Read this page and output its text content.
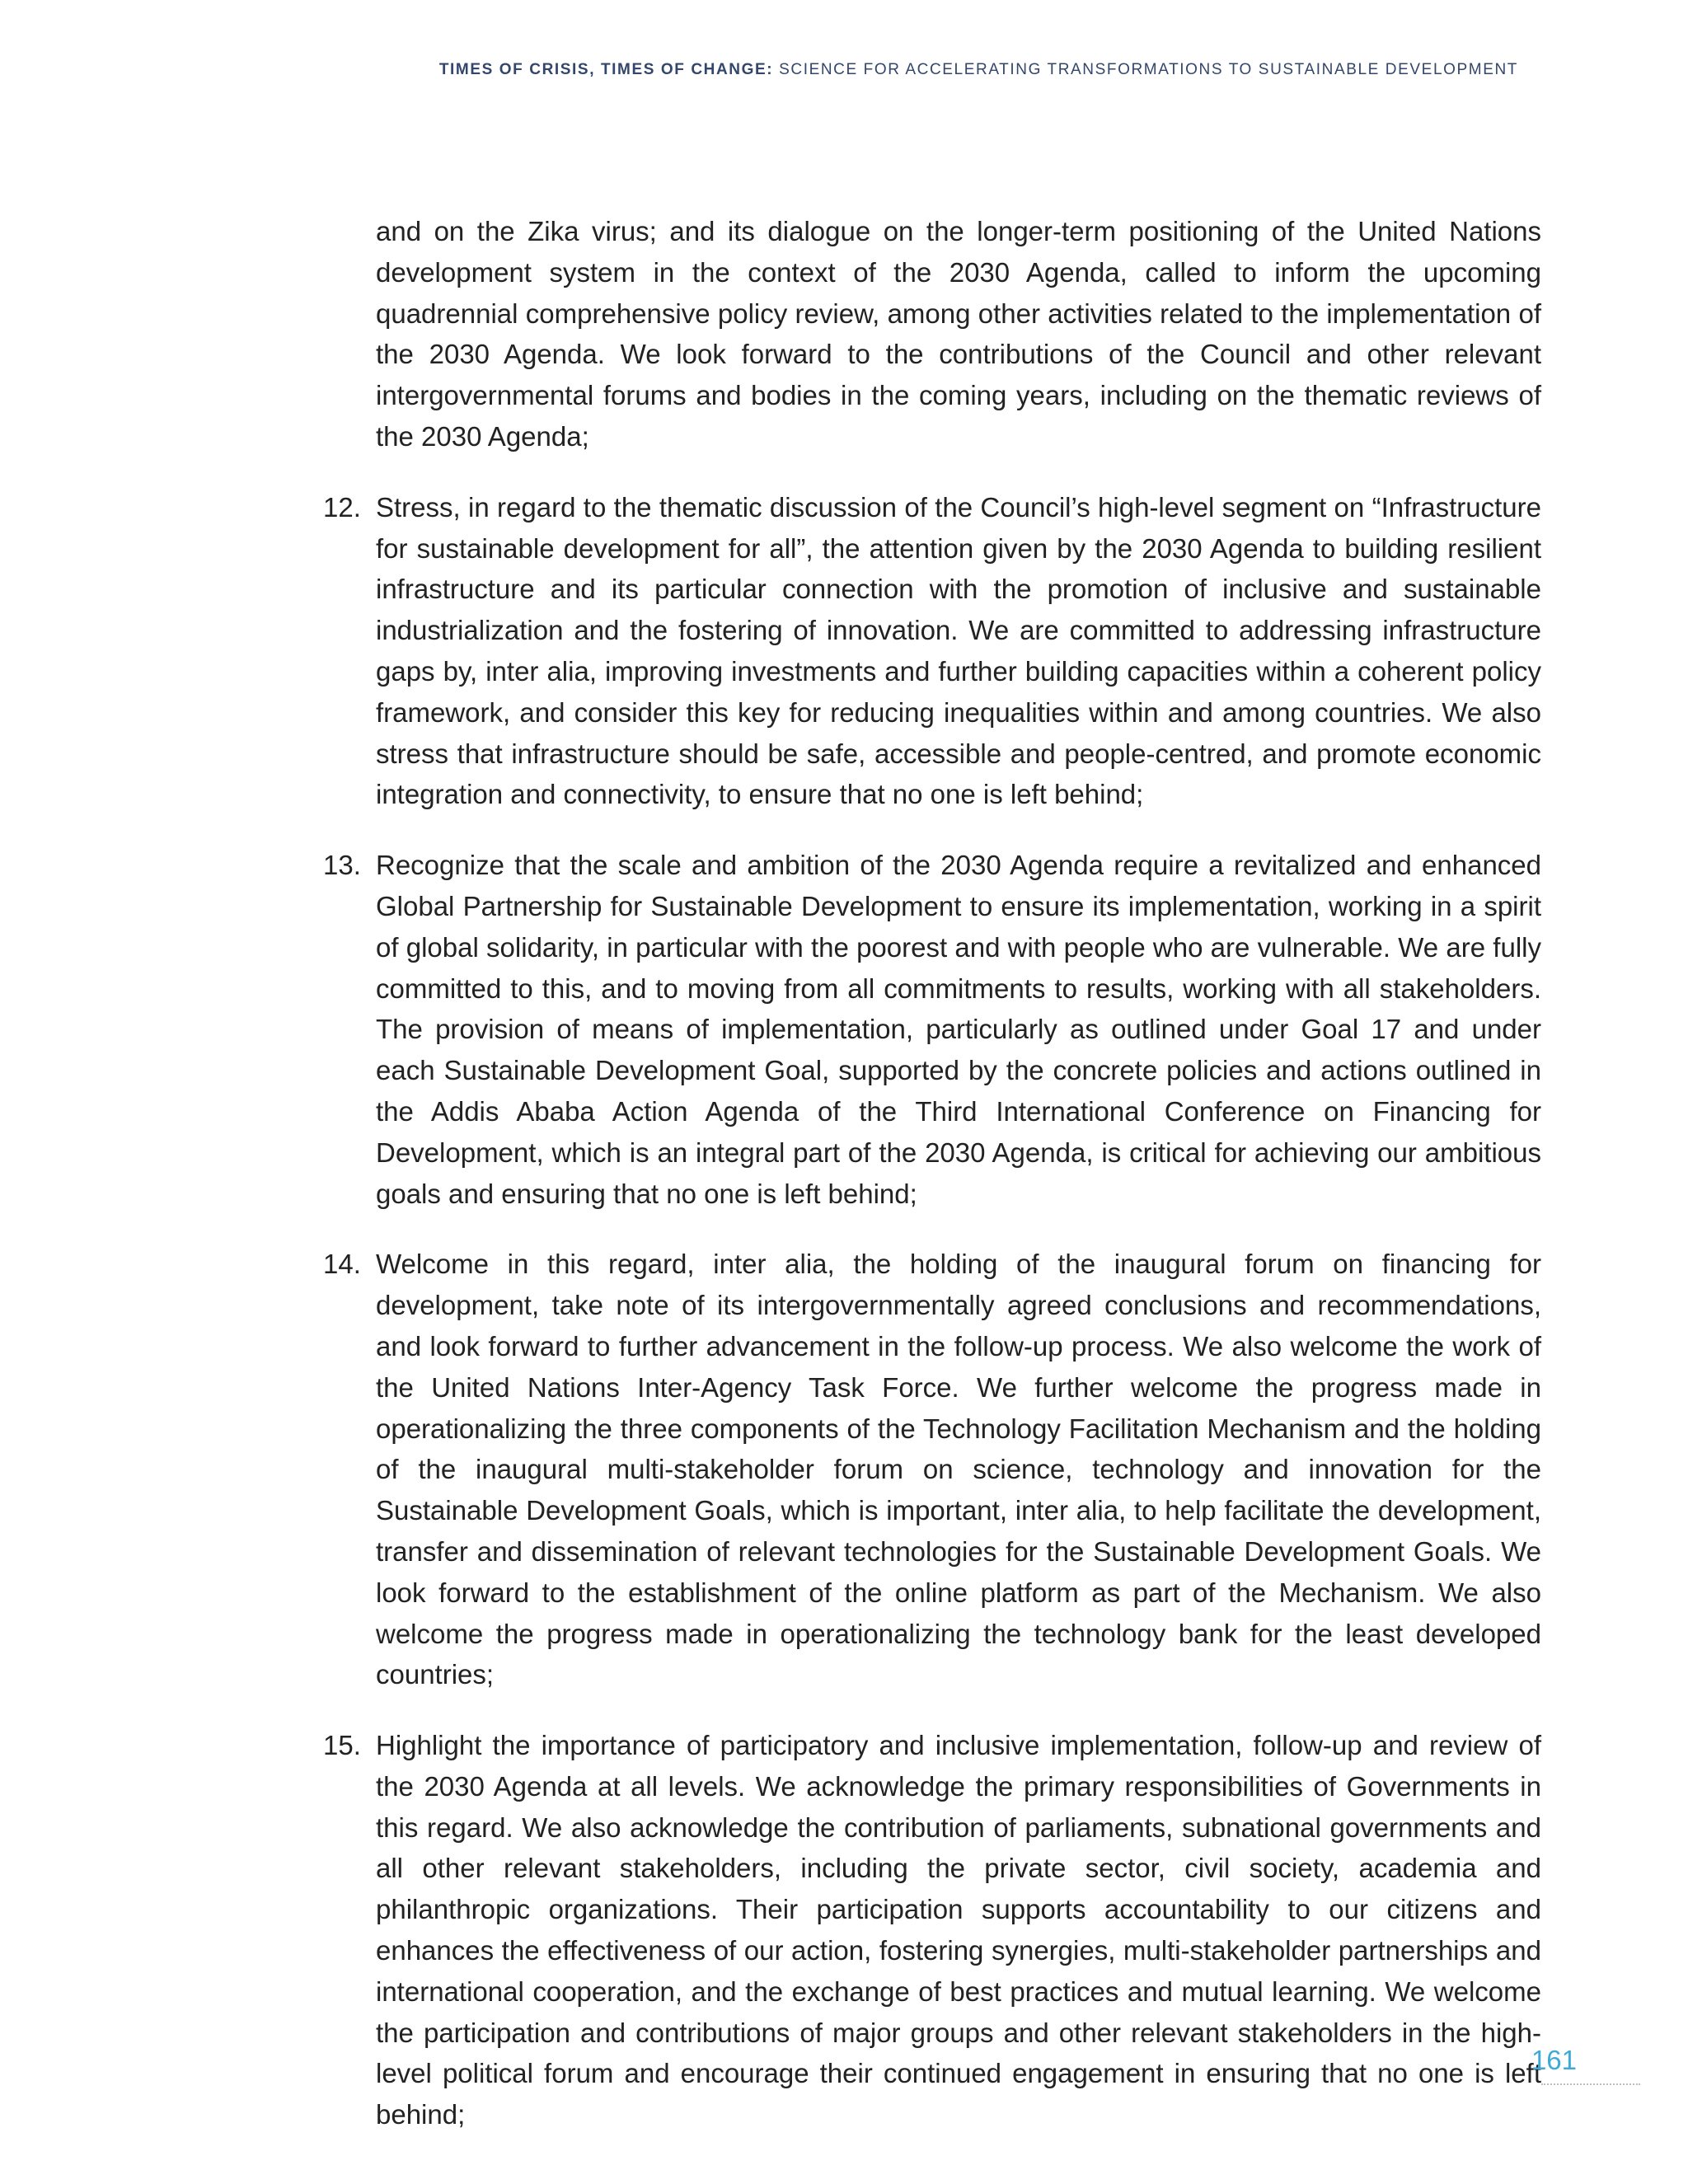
TIMES OF CRISIS, TIMES OF CHANGE: SCIENCE FOR ACCELERATING TRANSFORMATIONS TO SUSTAINABLE DEVELOPMENT
and on the Zika virus; and its dialogue on the longer-term positioning of the United Nations development system in the context of the 2030 Agenda, called to inform the upcoming quadrennial comprehensive policy review, among other activities related to the implementation of the 2030 Agenda. We look forward to the contributions of the Council and other relevant intergovernmental forums and bodies in the coming years, including on the thematic reviews of the 2030 Agenda;
12. Stress, in regard to the thematic discussion of the Council’s high-level segment on “Infrastructure for sustainable development for all”, the attention given by the 2030 Agenda to building resilient infrastructure and its particular connection with the promotion of inclusive and sustainable industrialization and the fostering of innovation. We are committed to addressing infrastructure gaps by, inter alia, improving investments and further building capacities within a coherent policy framework, and consider this key for reducing inequalities within and among countries. We also stress that infrastructure should be safe, accessible and people-centred, and promote economic integration and connectivity, to ensure that no one is left behind;
13. Recognize that the scale and ambition of the 2030 Agenda require a revitalized and enhanced Global Partnership for Sustainable Development to ensure its implementation, working in a spirit of global solidarity, in particular with the poorest and with people who are vulnerable. We are fully committed to this, and to moving from all commitments to results, working with all stakeholders. The provision of means of implementation, particularly as outlined under Goal 17 and under each Sustainable Development Goal, supported by the concrete policies and actions outlined in the Addis Ababa Action Agenda of the Third International Conference on Financing for Development, which is an integral part of the 2030 Agenda, is critical for achieving our ambitious goals and ensuring that no one is left behind;
14. Welcome in this regard, inter alia, the holding of the inaugural forum on financing for development, take note of its intergovernmentally agreed conclusions and recommendations, and look forward to further advancement in the follow-up process. We also welcome the work of the United Nations Inter-Agency Task Force. We further welcome the progress made in operationalizing the three components of the Technology Facilitation Mechanism and the holding of the inaugural multi-stakeholder forum on science, technology and innovation for the Sustainable Development Goals, which is important, inter alia, to help facilitate the development, transfer and dissemination of relevant technologies for the Sustainable Development Goals. We look forward to the establishment of the online platform as part of the Mechanism. We also welcome the progress made in operationalizing the technology bank for the least developed countries;
15. Highlight the importance of participatory and inclusive implementation, follow-up and review of the 2030 Agenda at all levels. We acknowledge the primary responsibilities of Governments in this regard. We also acknowledge the contribution of parliaments, subnational governments and all other relevant stakeholders, including the private sector, civil society, academia and philanthropic organizations. Their participation supports accountability to our citizens and enhances the effectiveness of our action, fostering synergies, multi-stakeholder partnerships and international cooperation, and the exchange of best practices and mutual learning. We welcome the participation and contributions of major groups and other relevant stakeholders in the high-level political forum and encourage their continued engagement in ensuring that no one is left behind;
161
